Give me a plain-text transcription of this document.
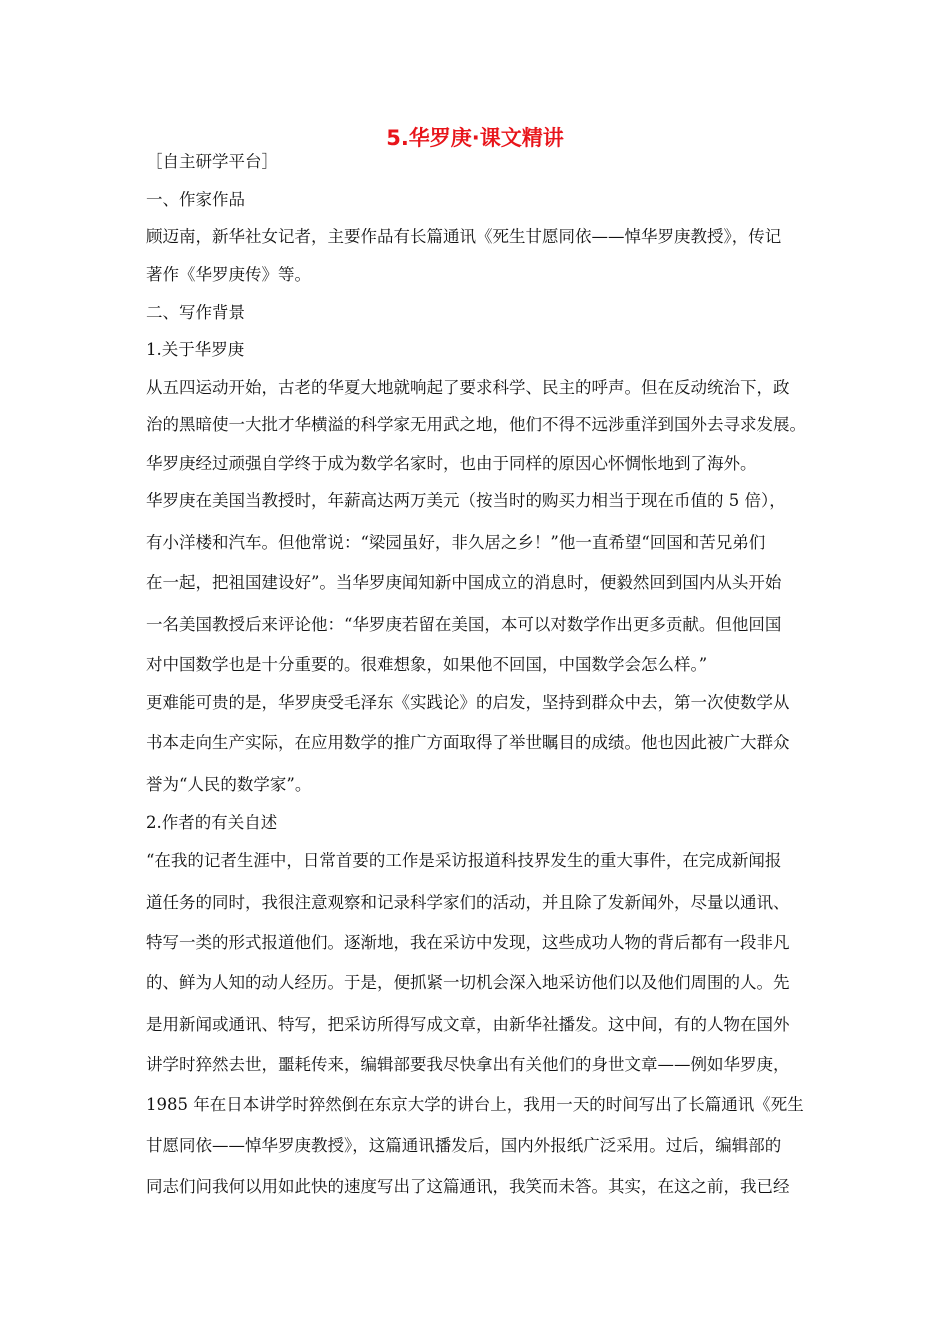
5.华罗庚·课文精讲
［自主研学平台］
一、作家作品
顾迈南，新华社女记者，主要作品有长篇通讯《死生甘愿同依——悼华罗庚教授》，传记
著作《华罗庚传》等。
二、写作背景
1.关于华罗庚
从五四运动开始，古老的华夏大地就响起了要求科学、民主的呼声。但在反动统治下，政
治的黑暗使一大批才华横溢的科学家无用武之地，他们不得不远涉重洋到国外去寻求发展。
华罗庚经过顽强自学终于成为数学名家时，也由于同样的原因心怀惆怅地到了海外。
华罗庚在美国当教授时，年薪高达两万美元（按当时的购买力相当于现在币值的 5 倍），
有小洋楼和汽车。但他常说：“梁园虽好，非久居之乡！”他一直希望“回国和苦兄弟们
在一起，把祖国建设好”。当华罗庚闻知新中国成立的消息时，便毅然回到国内从头开始
一名美国教授后来评论他：“华罗庚若留在美国，本可以对数学作出更多贡献。但他回国
对中国数学也是十分重要的。很难想象，如果他不回国，中国数学会怎么样。”
更难能可贵的是，华罗庚受毛泽东《实践论》的启发，坚持到群众中去，第一次使数学从
书本走向生产实际，在应用数学的推广方面取得了举世瞩目的成绩。他也因此被广大群众
誉为“人民的数学家”。
2.作者的有关自述
“在我的记者生涯中，日常首要的工作是采访报道科技界发生的重大事件，在完成新闻报
道任务的同时，我很注意观察和记录科学家们的活动，并且除了发新闻外，尽量以通讯、
特写一类的形式报道他们。逐渐地，我在采访中发现，这些成功人物的背后都有一段非凡
的、鲜为人知的动人经历。于是，便抓紧一切机会深入地采访他们以及他们周围的人。先
是用新闻或通讯、特写，把采访所得写成文章，由新华社播发。这中间，有的人物在国外
讲学时猝然去世，噩耗传来，编辑部要我尽快拿出有关他们的身世文章——例如华罗庚，
1985 年在日本讲学时猝然倒在东京大学的讲台上，我用一天的时间写出了长篇通讯《死生
甘愿同依——悼华罗庚教授》，这篇通讯播发后，国内外报纸广泛采用。过后，编辑部的
同志们问我何以用如此快的速度写出了这篇通讯，我笑而未答。其实，在这之前，我已经
